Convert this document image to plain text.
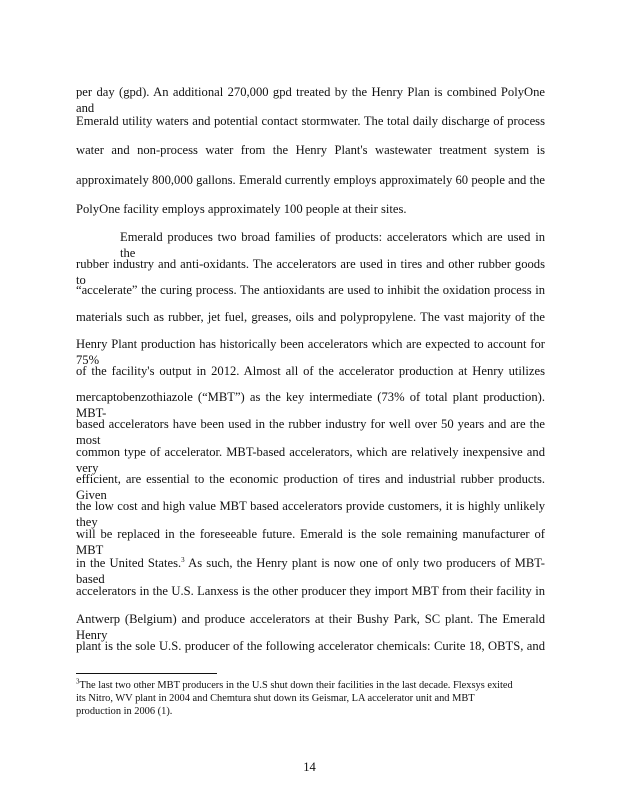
per day (gpd). An additional 270,000 gpd treated by the Henry Plan is combined PolyOne and
Emerald utility waters and potential contact stormwater. The total daily discharge of process
water and non-process water from the Henry Plant's wastewater treatment system is
approximately 800,000 gallons. Emerald currently employs approximately 60 people and the
PolyOne facility employs approximately 100 people at their sites.
Emerald produces two broad families of products: accelerators which are used in the
rubber industry and anti-oxidants. The accelerators are used in tires and other rubber goods to
“accelerate” the curing process. The antioxidants are used to inhibit the oxidation process in
materials such as rubber, jet fuel, greases, oils and polypropylene. The vast majority of the
Henry Plant production has historically been accelerators which are expected to account for 75%
of the facility's output in 2012. Almost all of the accelerator production at Henry utilizes
mercaptobenzothiazole (“MBT”) as the key intermediate (73% of total plant production). MBT-
based accelerators have been used in the rubber industry for well over 50 years and are the most
common type of accelerator. MBT-based accelerators, which are relatively inexpensive and very
efficient, are essential to the economic production of tires and industrial rubber products. Given
the low cost and high value MBT based accelerators provide customers, it is highly unlikely they
will be replaced in the foreseeable future. Emerald is the sole remaining manufacturer of MBT
in the United States.$^3$ As such, the Henry plant is now one of only two producers of MBT-based
accelerators in the U.S. Lanxess is the other producer they import MBT from their facility in
Antwerp (Belgium) and produce accelerators at their Bushy Park, SC plant. The Emerald Henry
plant is the sole U.S. producer of the following accelerator chemicals: Curite 18, OBTS, and
$^3$The last two other MBT producers in the U.S shut down their facilities in the last decade. Flexsys exited
its Nitro, WV plant in 2004 and Chemtura shut down its Geismar, LA accelerator unit and MBT
production in 2006 (1).
14
